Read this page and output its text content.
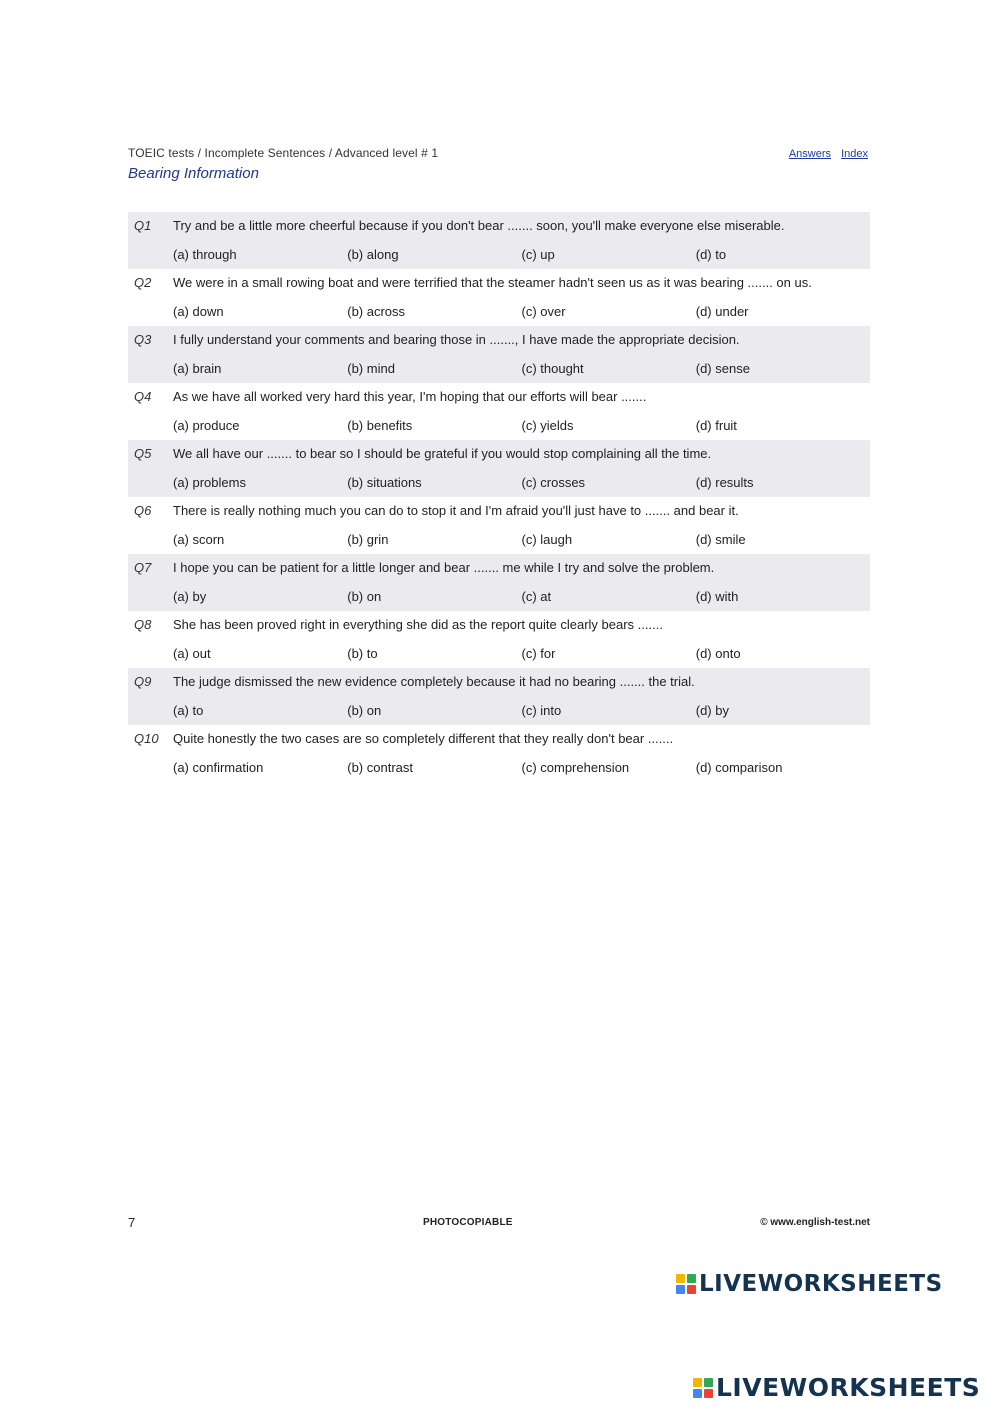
TOEIC tests / Incomplete Sentences / Advanced level # 1
Bearing Information
Answers Index
Q1	Try and be a little more cheerful because if you don't bear ....... soon, you'll make everyone else miserable.
(a) through	(b) along	(c) up	(d) to
Q2	We were in a small rowing boat and were terrified that the steamer hadn't seen us as it was bearing ....... on us.
(a) down	(b) across	(c) over	(d) under
Q3	I fully understand your comments and bearing those in ......., I have made the appropriate decision.
(a) brain	(b) mind	(c) thought	(d) sense
Q4	As we have all worked very hard this year, I'm hoping that our efforts will bear .......
(a) produce	(b) benefits	(c) yields	(d) fruit
Q5	We all have our ....... to bear so I should be grateful if you would stop complaining all the time.
(a) problems	(b) situations	(c) crosses	(d) results
Q6	There is really nothing much you can do to stop it and I'm afraid you'll just have to ....... and bear it.
(a) scorn	(b) grin	(c) laugh	(d) smile
Q7	I hope you can be patient for a little longer and bear ....... me while I try and solve the problem.
(a) by	(b) on	(c) at	(d) with
Q8	She has been proved right in everything she did as the report quite clearly bears .......
(a) out	(b) to	(c) for	(d) onto
Q9	The judge dismissed the new evidence completely because it had no bearing ....... the trial.
(a) to	(b) on	(c) into	(d) by
Q10	Quite honestly the two cases are so completely different that they really don't bear .......
(a) confirmation	(b) contrast	(c) comprehension	(d) comparison
7	PHOTOCOPIABLE	© www.english-test.net
LIVEWORKSHEETS
LIVEWORKSHEETS
